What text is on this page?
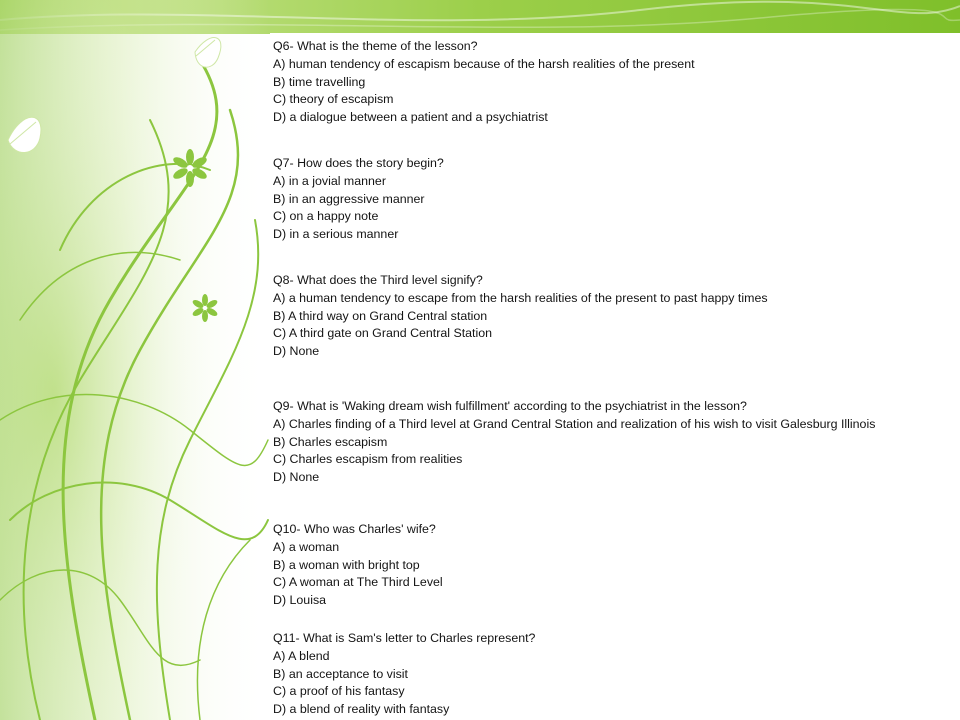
Q6- What is the theme of the lesson?
A) human tendency of escapism because of the harsh realities of the present
B) time travelling
C) theory of escapism
D) a dialogue between a patient and a psychiatrist
Q7- How does the story begin?
A) in a jovial manner
B) in an aggressive manner
C) on a happy note
D) in a serious manner
Q8- What does the Third level signify?
A) a human tendency to escape from the harsh realities of the present to past happy times
B) A third way on Grand Central station
C) A third gate on Grand Central Station
D) None
Q9- What is 'Waking dream wish fulfillment' according to the psychiatrist in the lesson?
A) Charles finding of a Third level at Grand Central Station and realization of his wish to visit Galesburg Illinois
B) Charles escapism
C) Charles escapism from realities
D) None
Q10- Who was Charles' wife?
A) a woman
B) a woman with bright top
C) A woman at The Third Level
D) Louisa
Q11- What is Sam's letter to Charles represent?
A) A blend
B) an acceptance to visit
C) a proof of his fantasy
D) a blend of reality with fantasy
